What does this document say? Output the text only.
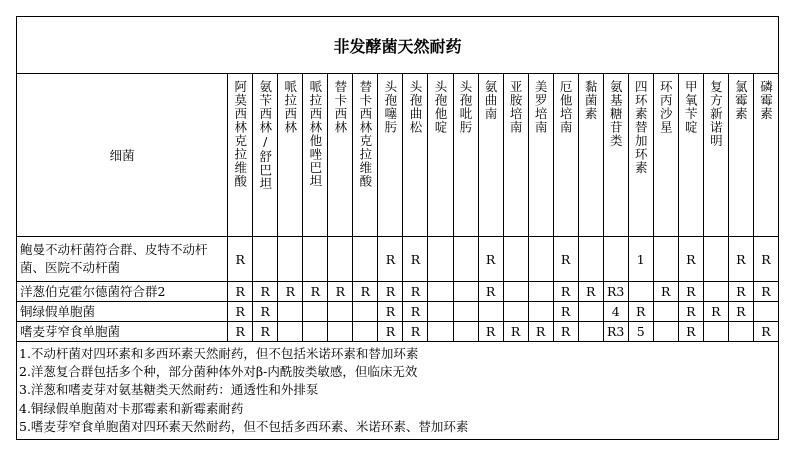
非发酵菌天然耐药																						
细菌	阿莫西林克拉维酸	氨苄西林/舒巴坦	哌拉西林	哌拉西林他唑巴坦	替卡西林	替卡西林克拉维酸	头孢噻肟	头孢曲松	头孢他啶	头孢吡肟	氨曲南	亚胺培南	美罗培南	厄他培南	黏菌素	氨基糖苷类	四环素替加环素	环丙沙星	甲氧苄啶	复方新诺明	氯霉素	磷霉素
鲍曼不动杆菌符合群、皮特不动杆菌、医院不动杆菌	R						R	R			R			R			1		R		R	R
洋葱伯克霍尔德菌符合群2	R	R	R	R	R	R	R	R			R			R	R	R3		R	R		R	R
铜绿假单胞菌	R	R					R	R						R		4	R		R	R	R	
嗜麦芽窄食单胞菌	R	R					R	R			R	R	R	R		R3	5		R			R

1.不动杆菌对四环素和多西环素天然耐药，但不包括米诺环素和替加环素
2.洋葱复合群包括多个种，部分菌种体外对β-内酰胺类敏感，但临床无效
3.洋葱和嗜麦芽对氨基糖类天然耐药：通透性和外排泵
4.铜绿假单胞菌对卡那霉素和新霉素耐药
5.嗜麦芽窄食单胞菌对四环素天然耐药，但不包括多西环素、米诺环素、替加环素																						
